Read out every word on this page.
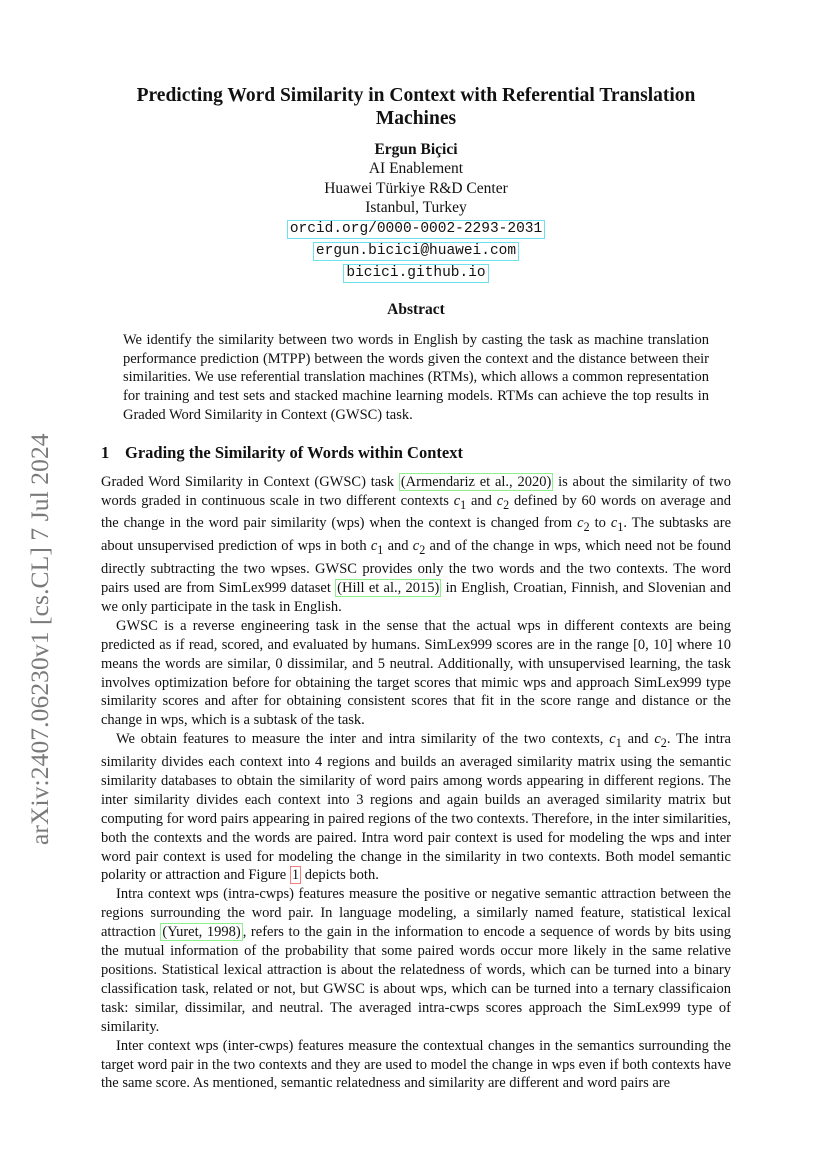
arXiv:2407.06230v1 [cs.CL] 7 Jul 2024
Predicting Word Similarity in Context with Referential Translation Machines
Ergun Biçici
AI Enablement
Huawei Türkiye R&D Center
Istanbul, Turkey
orcid.org/0000-0002-2293-2031
ergun.bicici@huawei.com
bicici.github.io
Abstract

We identify the similarity between two words in English by casting the task as machine translation performance prediction (MTPP) between the words given the context and the distance between their similarities. We use referential translation machines (RTMs), which allows a common representation for training and test sets and stacked machine learning models. RTMs can achieve the top results in Graded Word Similarity in Context (GWSC) task.

1 Grading the Similarity of Words within Context

Graded Word Similarity in Context (GWSC) task (Armendariz et al., 2020) is about the similarity of two words graded in continuous scale in two different contexts $c_1$ and $c_2$ defined by 60 words on average and the change in the word pair similarity (wps) when the context is changed from $c_2$ to $c_1$. The subtasks are about unsupervised prediction of wps in both $c_1$ and $c_2$ and of the change in wps, which need not be found directly subtracting the two wpses. GWSC provides only the two words and the two contexts. The word pairs used are from SimLex999 dataset (Hill et al., 2015) in English, Croatian, Finnish, and Slovenian and we only participate in the task in English.

GWSC is a reverse engineering task in the sense that the actual wps in different contexts are being predicted as if read, scored, and evaluated by humans. SimLex999 scores are in the range [0, 10] where 10 means the words are similar, 0 dissimilar, and 5 neutral. Additionally, with unsupervised learning, the task involves optimization before for obtaining the target scores that mimic wps and approach SimLex999 type similarity scores and after for obtaining consistent scores that fit in the score range and distance or the change in wps, which is a subtask of the task.

We obtain features to measure the inter and intra similarity of the two contexts, $c_1$ and $c_2$. The intra similarity divides each context into 4 regions and builds an averaged similarity matrix using the semantic similarity databases to obtain the similarity of word pairs among words appearing in different regions. The inter similarity divides each context into 3 regions and again builds an averaged similarity matrix but computing for word pairs appearing in paired regions of the two contexts. Therefore, in the inter similarities, both the contexts and the words are paired. Intra word pair context is used for modeling the wps and inter word pair context is used for modeling the change in the similarity in two contexts. Both model semantic polarity or attraction and Figure 1 depicts both.

Intra context wps (intra-cwps) features measure the positive or negative semantic attraction between the regions surrounding the word pair. In language modeling, a similarly named feature, statistical lexical attraction (Yuret, 1998) , refers to the gain in the information to encode a sequence of words by bits using the mutual information of the probability that some paired words occur more likely in the same relative positions. Statistical lexical attraction is about the relatedness of words, which can be turned into a binary classification task, related or not, but GWSC is about wps, which can be turned into a ternary classificaion task: similar, dissimilar, and neutral. The averaged intra-cwps scores approach the SimLex999 type of similarity.

Inter context wps (inter-cwps) features measure the contextual changes in the semantics surrounding the target word pair in the two contexts and they are used to model the change in wps even if both contexts have the same score. As mentioned, semantic relatedness and similarity are different and word pairs are
